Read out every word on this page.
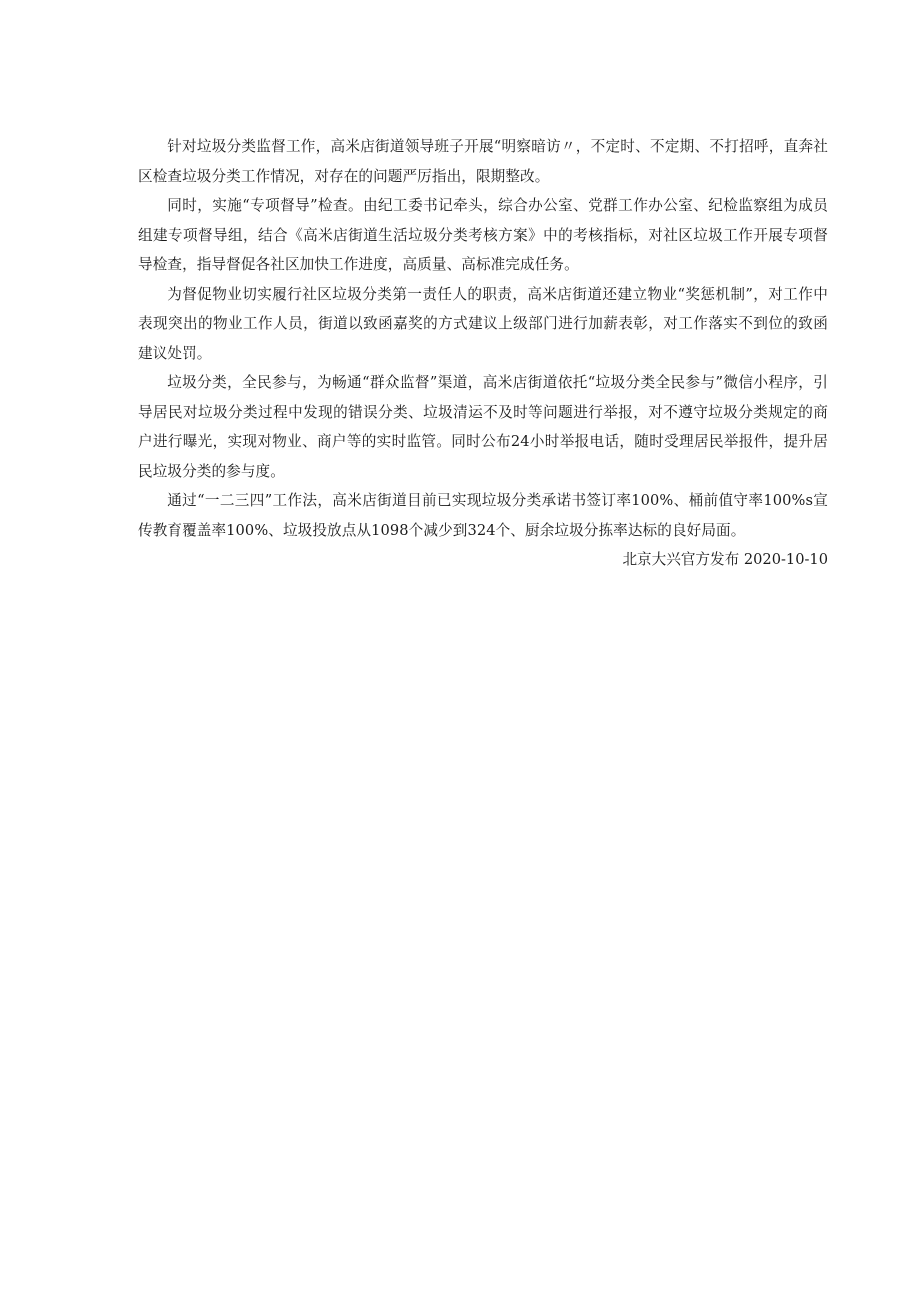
针对垃圾分类监督工作，高米店街道领导班子开展“明察暗访〃，不定时、不定期、不打招呼，直奔社区检查垃圾分类工作情况，对存在的问题严厉指出，限期整改。

同时，实施“专项督导”检查。由纪工委书记牵头，综合办公室、党群工作办公室、纪检监察组为成员组建专项督导组，结合《高米店街道生活垃圾分类考核方案》中的考核指标，对社区垃圾工作开展专项督导检查，指导督促各社区加快工作进度，高质量、高标准完成任务。

为督促物业切实履行社区垃圾分类第一责任人的职责，高米店街道还建立物业“奖惩机制”，对工作中表现突出的物业工作人员，街道以致函嘉奖的方式建议上级部门进行加薪表彰，对工作落实不到位的致函建议处罚。

垃圾分类，全民参与，为畅通“群众监督”渠道，高米店街道依托“垃圾分类全民参与”微信小程序，引导居民对垃圾分类过程中发现的错误分类、垃圾清运不及时等问题进行举报，对不遵守垃圾分类规定的商户进行曝光，实现对物业、商户等的实时监管。同时公布24小时举报电话，随时受理居民举报件，提升居民垃圾分类的参与度。

通过“一二三四”工作法，高米店街道目前已实现垃圾分类承诺书签订率100%、桶前值守率100%s宣传教育覆盖率100%、垃圾投放点从1098个减少到324个、厨余垃圾分拣率达标的良好局面。

北京大兴官方发布 2020-10-10
